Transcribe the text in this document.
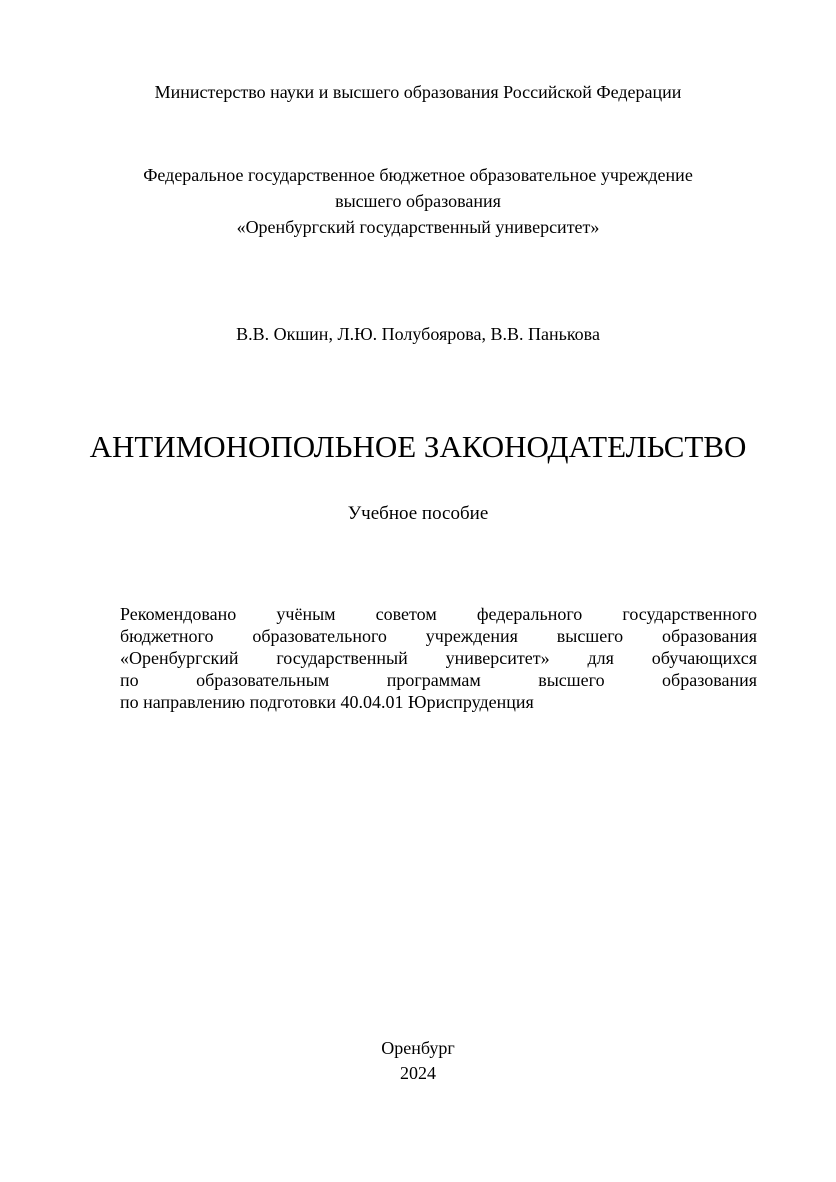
Министерство науки и высшего образования Российской Федерации
Федеральное государственное бюджетное образовательное учреждение
высшего образования
«Оренбургский государственный университет»
В.В. Окшин, Л.Ю. Полубоярова, В.В. Панькова
АНТИМОНОПОЛЬНОЕ ЗАКОНОДАТЕЛЬСТВО
Учебное пособие
Рекомендовано учёным советом федерального государственного
бюджетного образовательного учреждения высшего образования
«Оренбургский государственный университет» для обучающихся
по образовательным программам высшего образования
по направлению подготовки 40.04.01 Юриспруденция
Оренбург
2024
